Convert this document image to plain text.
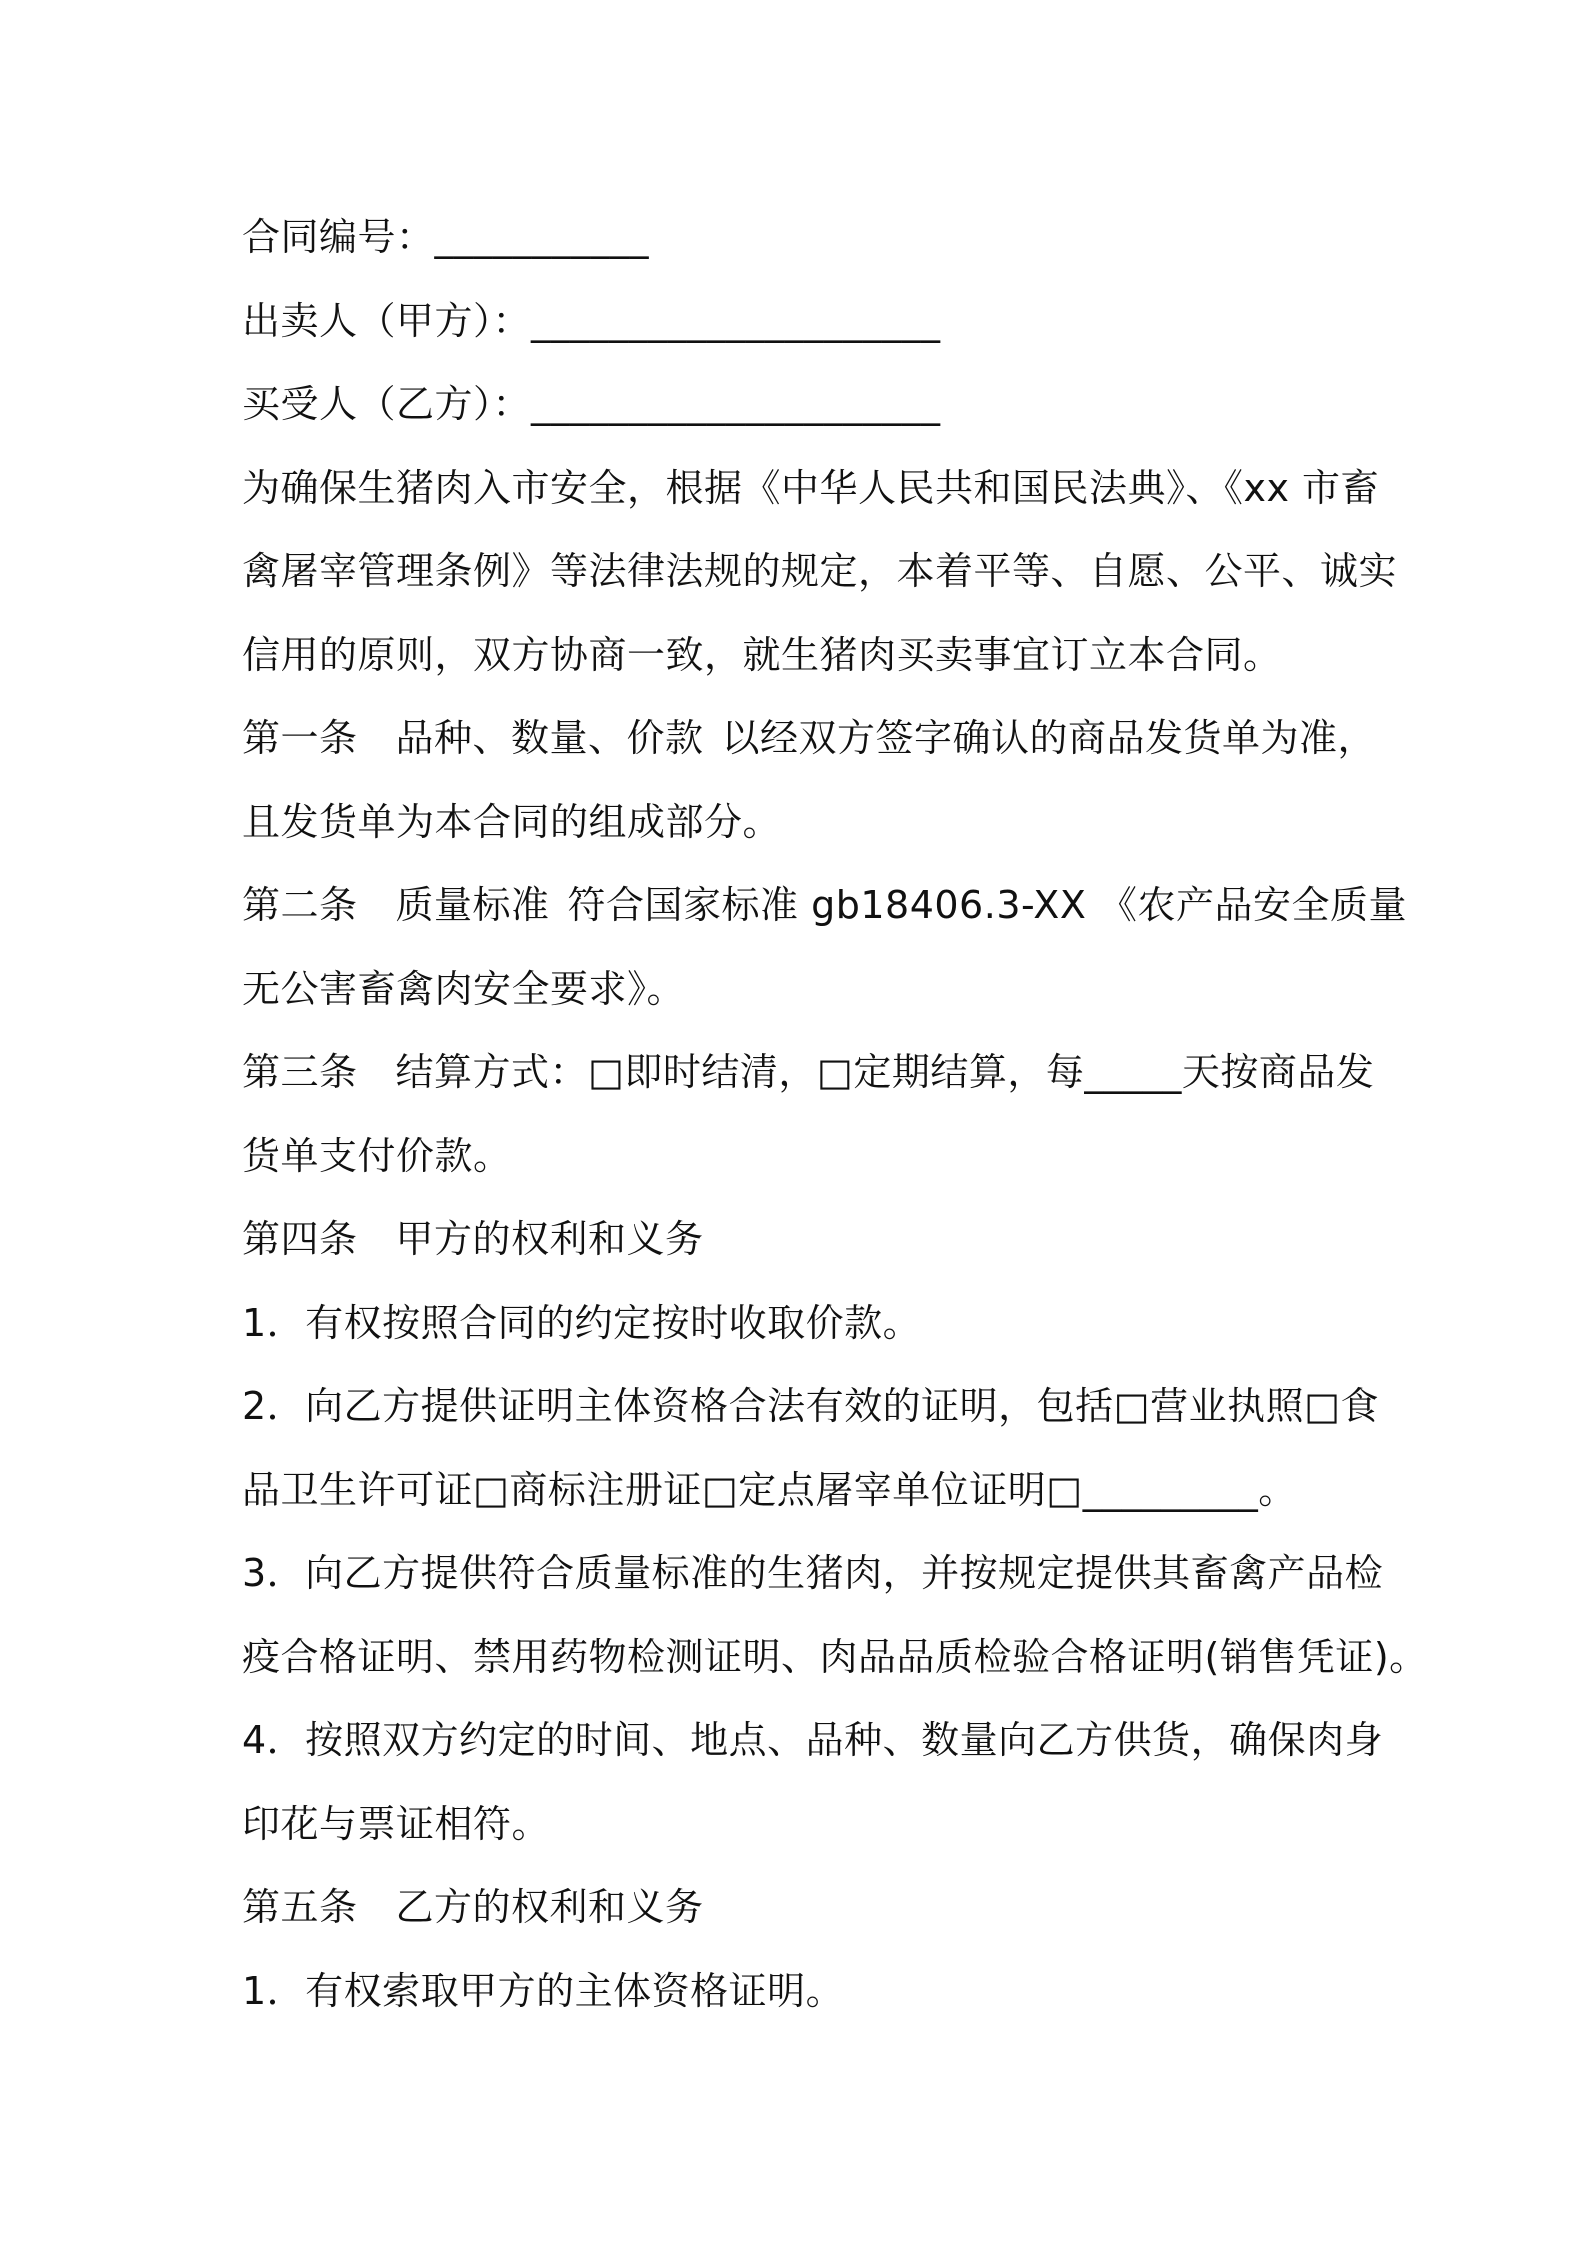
合同编号：___________
出卖人（甲方）：_____________________
买受人（乙方）：_____________________
为确保生猪肉入市安全，根据《中华人民共和国民法典》、《xx 市畜
禽屠宰管理条例》等法律法规的规定，本着平等、自愿、公平、诚实
信用的原则，双方协商一致，就生猪肉买卖事宜订立本合同。
第一条 品种、数量、价款 以经双方签字确认的商品发货单为准，
且发货单为本合同的组成部分。
第二条 质量标准 符合国家标准 gb18406.3-XX 《农产品安全质量
无公害畜禽肉安全要求》。
第三条 结算方式：□即时结清，□定期结算，每_____天按商品发
货单支付价款。
第四条 甲方的权利和义务
1．有权按照合同的约定按时收取价款。
2．向乙方提供证明主体资格合法有效的证明，包括□营业执照□食
品卫生许可证□商标注册证□定点屠宰单位证明□_________。
3．向乙方提供符合质量标准的生猪肉，并按规定提供其畜禽产品检
疫合格证明、禁用药物检测证明、肉品品质检验合格证明(销售凭证)。
4．按照双方约定的时间、地点、品种、数量向乙方供货，确保肉身
印花与票证相符。
第五条 乙方的权利和义务
1．有权索取甲方的主体资格证明。
